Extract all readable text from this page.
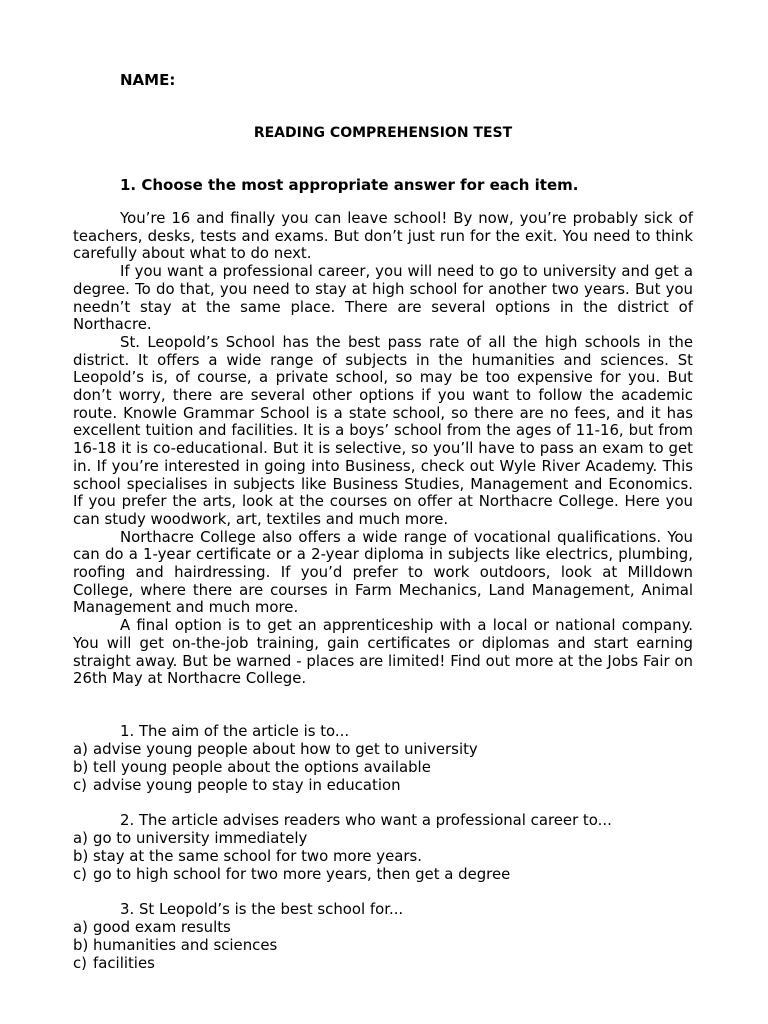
NAME:
READING COMPREHENSION TEST
1. Choose the most appropriate answer for each item.

You’re 16 and finally you can leave school! By now, you’re probably sick of teachers, desks, tests and exams. But don’t just run for the exit. You need to think carefully about what to do next.

If you want a professional career, you will need to go to university and get a degree. To do that, you need to stay at high school for another two years. But you needn’t stay at the same place. There are several options in the district of Northacre.

St. Leopold’s School has the best pass rate of all the high schools in the district. It offers a wide range of subjects in the humanities and sciences. St Leopold’s is, of course, a private school, so may be too expensive for you. But don’t worry, there are several other options if you want to follow the academic route. Knowle Grammar School is a state school, so there are no fees, and it has excellent tuition and facilities. It is a boys’ school from the ages of 11-16, but from 16-18 it is co-educational. But it is selective, so you’ll have to pass an exam to get in. If you’re interested in going into Business, check out Wyle River Academy. This school specialises in subjects like Business Studies, Management and Economics. If you prefer the arts, look at the courses on offer at Northacre College. Here you can study woodwork, art, textiles and much more.

Northacre College also offers a wide range of vocational qualifications. You can do a 1-year certificate or a 2-year diploma in subjects like electrics, plumbing, roofing and hairdressing. If you’d prefer to work outdoors, look at Milldown College, where there are courses in Farm Mechanics, Land Management, Animal Management and much more.

A final option is to get an apprenticeship with a local or national company. You will get on-the-job training, gain certificates or diplomas and start earning straight away. But be warned - places are limited! Find out more at the Jobs Fair on 26th May at Northacre College.

1. The aim of the article is to...
a) advise young people about how to get to university
b) tell young people about the options available
c) advise young people to stay in education
2. The article advises readers who want a professional career to...
a) go to university immediately
b) stay at the same school for two more years.
c) go to high school for two more years, then get a degree
3. St Leopold’s is the best school for...
a) good exam results
b) humanities and sciences
c) facilities
